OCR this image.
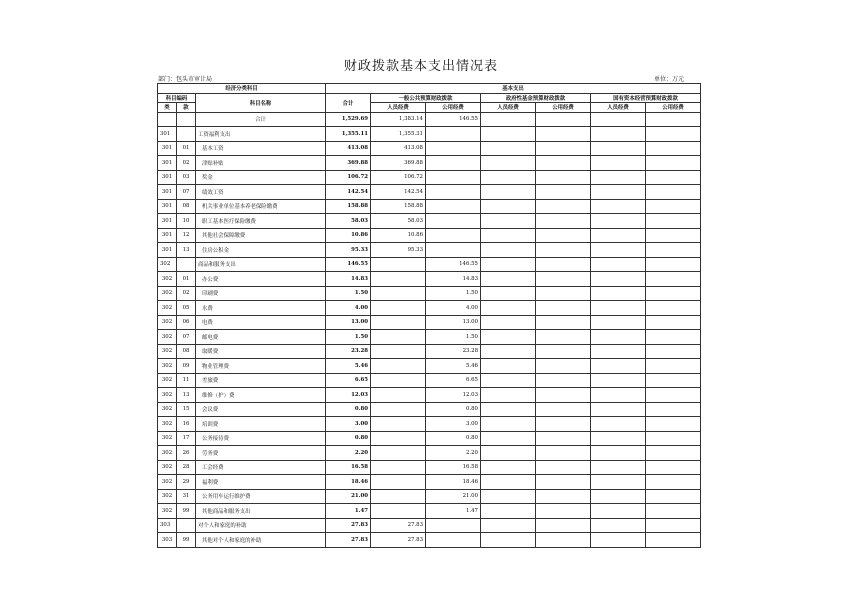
财政拨款基本支出情况表
部门：包头市审计局	单位：万元
经济分类科目			基本支出						
科目编码		科目名称	合计	一般公共预算财政拨款		政府性基金预算财政拨款		国有资本经营预算财政拨款	
类	款			人员经费	公用经费	人员经费	公用经费	人员经费	公用经费
		合计	1,529.69	1,383.14	146.55				
301		工资福利支出	1,355.11	1,355.31					
301	01	基本工资	413.08	413.08					
301	02	津贴补贴	369.88	369.88					
301	03	奖金	106.72	106.72					
301	07	绩效工资	142.54	142.54					
301	08	机关事业单位基本养老保险缴费	158.88	158.88					
301	10	职工基本医疗保险缴费	58.03	58.03					
301	12	其他社会保障缴费	10.86	10.86					
301	13	住房公积金	95.33	95.33					
302		商品和服务支出	146.55		146.55				
302	01	办公费	14.83		14.83				
302	02	印刷费	1.50		1.50				
302	05	水费	4.00		4.00				
302	06	电费	13.00		13.00				
302	07	邮电费	1.50		1.50				
302	08	取暖费	23.28		23.28				
302	09	物业管理费	5.46		5.46				
302	11	差旅费	6.65		6.65				
302	13	维修（护）费	12.03		12.03				
302	15	会议费	0.80		0.80				
302	16	培训费	3.00		3.00				
302	17	公务接待费	0.80		0.80				
302	26	劳务费	2.20		2.20				
302	28	工会经费	16.58		16.58				
302	29	福利费	18.46		18.46				
302	31	公务用车运行维护费	21.00		21.00				
302	99	其他商品和服务支出	1.47		1.47				
303		对个人和家庭的补助	27.83	27.83					
303	99	其他对个人和家庭的补助	27.83	27.83					
